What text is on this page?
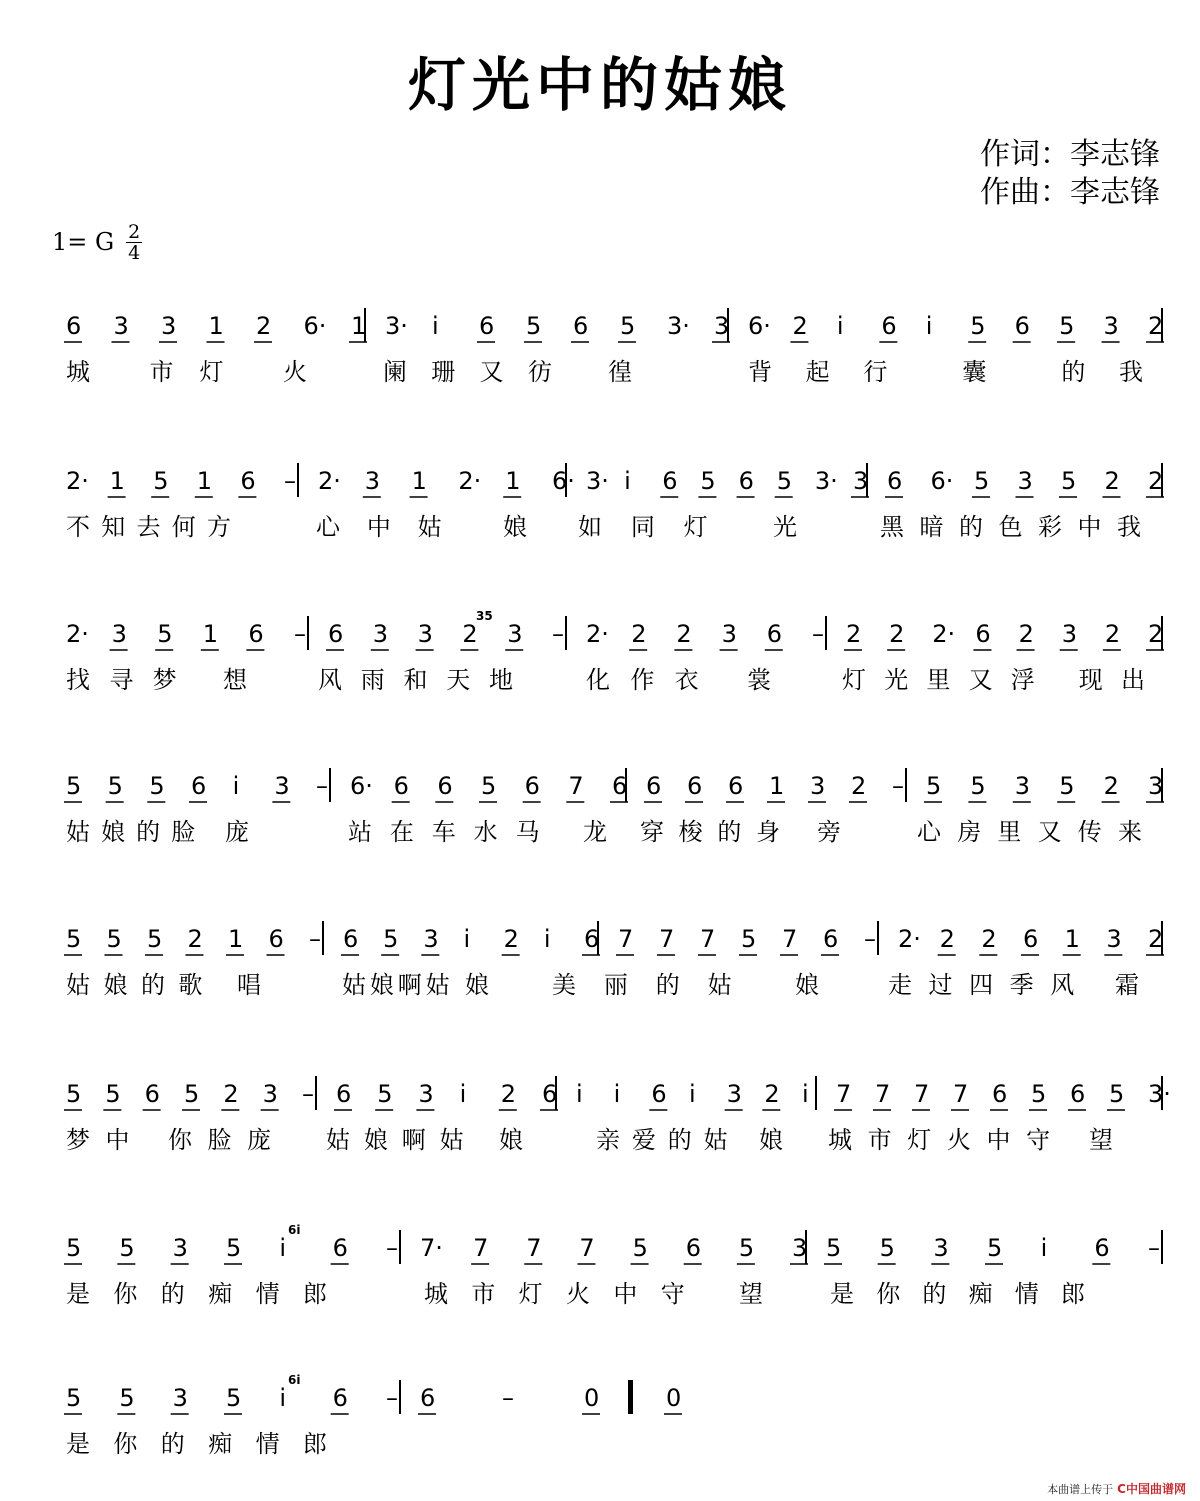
灯光中的姑娘
作词：李志锋
作曲：李志锋
1= G 2
4
6 3 3 1 2 6· 1 3· i 6 5 6 5 3· 3 6· 2 i 6 i 5 6 5 3 2
城 市灯 火	阑珊又彷 徨	背起行 囊 的我
2· 1 5 1 6 – 2· 3 1 2· 1 6· 3· i 6 5 6 5 3· 3 6 6· 5 3 5 2 2
不知去何方	心中姑 娘 如同灯 光	黑暗的色彩中我
2· 3 5 1 6 – 6 3 3 2 3 – 2· 2 2 3 6 – 2 2 2· 6 2 3 2 2
35
找寻梦 想	风雨和天地	化作衣 裳	灯光里又浮 现出
5 5 5 6 i 3 – 6· 6 6 5 6 7 6 6 6 6 1 3 2 – 5 5 3 5 2 3
姑娘的脸 庞	站在车水马 龙 穿梭的身 旁	心房里又传来
5 5 5 2 1 6 – 6 5 3 i 2 i 6 7 7 7 5 7 6 – 2· 2 2 6 1 3 2
姑娘的歌 唱	姑娘啊姑 娘	美丽的姑 娘	走过四季风 霜
5 5 6 5 2 3 – 6 5 3 i 2 6 i i 6 i 3 2 i 7 7 7 7 6 5 6 5 3·
梦中 你脸庞 姑娘啊姑 娘	亲爱的姑 娘 城市灯火中守 望
5 5 3 5 i 6 – 7· 7 7 7 5 6 5 3 5 5 3 5 i 6 –
6i
是你的痴情郎	城市灯火中守 望	是你的痴情郎
5 5 3 5 i 6 – 6	–	0	0
6i
是你的痴情郎
本曲谱上传于 C中国曲谱网
